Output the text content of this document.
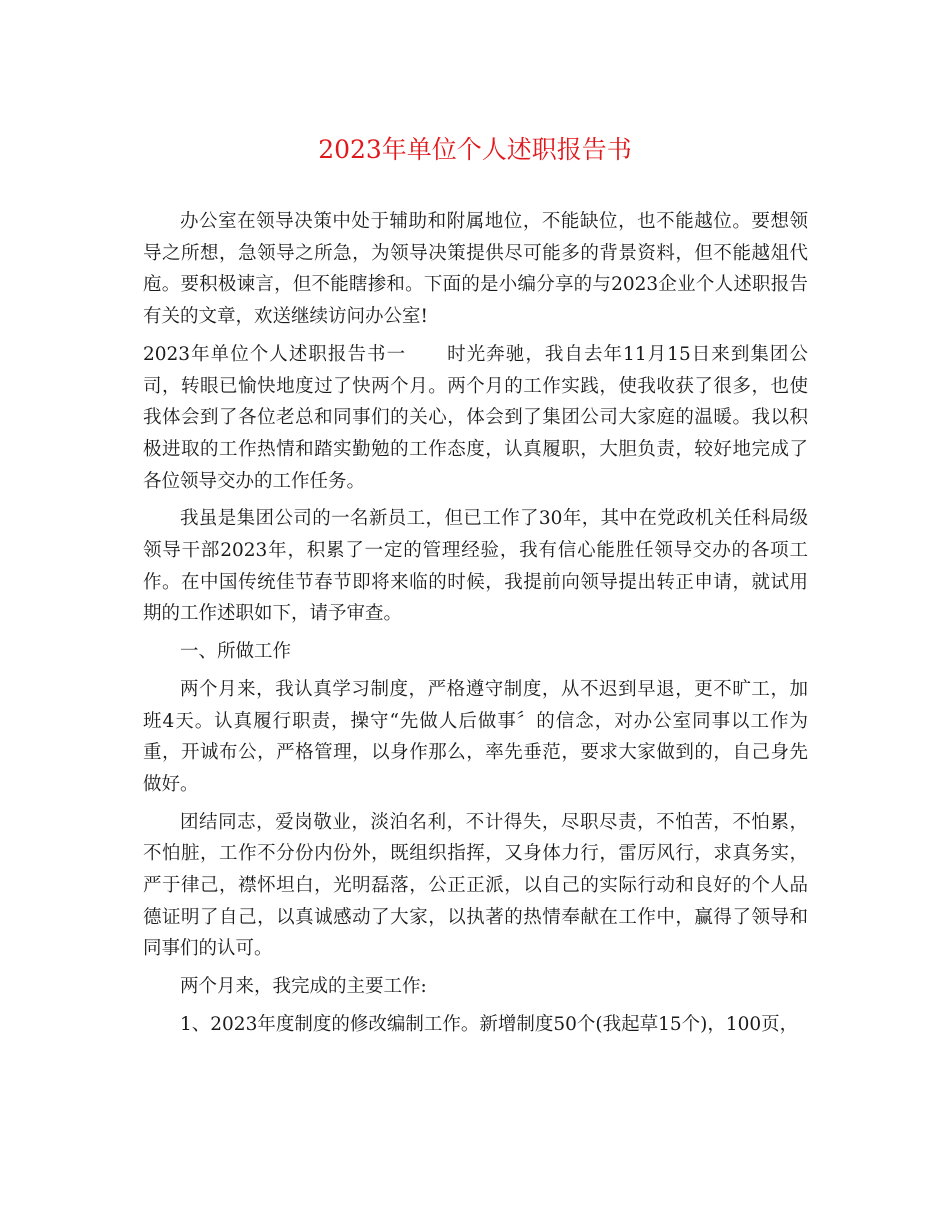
2023年单位个人述职报告书

办公室在领导决策中处于辅助和附属地位，不能缺位，也不能越位。要想领导之所想，急领导之所急，为领导决策提供尽可能多的背景资料，但不能越俎代庖。要积极谏言，但不能瞎掺和。下面的是小编分享的与2023企业个人述职报告有关的文章，欢送继续访问办公室!

2023年单位个人述职报告书一 时光奔驰，我自去年11月15日来到集团公司，转眼已愉快地度过了快两个月。两个月的工作实践，使我收获了很多，也使我体会到了各位老总和同事们的关心，体会到了集团公司大家庭的温暖。我以积极进取的工作热情和踏实勤勉的工作态度，认真履职，大胆负责，较好地完成了各位领导交办的工作任务。

我虽是集团公司的一名新员工，但已工作了30年，其中在党政机关任科局级领导干部2023年，积累了一定的管理经验，我有信心能胜任领导交办的各项工作。在中国传统佳节春节即将来临的时候，我提前向领导提出转正申请，就试用期的工作述职如下，请予审查。

一、所做工作

两个月来，我认真学习制度，严格遵守制度，从不迟到早退，更不旷工，加班4天。认真履行职责，操守“先做人后做事〞的信念，对办公室同事以工作为重，开诚布公，严格管理，以身作那么，率先垂范，要求大家做到的，自己身先做好。

团结同志，爱岗敬业，淡泊名利，不计得失，尽职尽责，不怕苦，不怕累，不怕脏，工作不分份内份外，既组织指挥，又身体力行，雷厉风行，求真务实，严于律己，襟怀坦白，光明磊落，公正正派，以自己的实际行动和良好的个人品德证明了自己，以真诚感动了大家，以执著的热情奉献在工作中，赢得了领导和同事们的认可。

两个月来，我完成的主要工作:

1、2023年度制度的修改编制工作。新增制度50个(我起草15个)，100页，
